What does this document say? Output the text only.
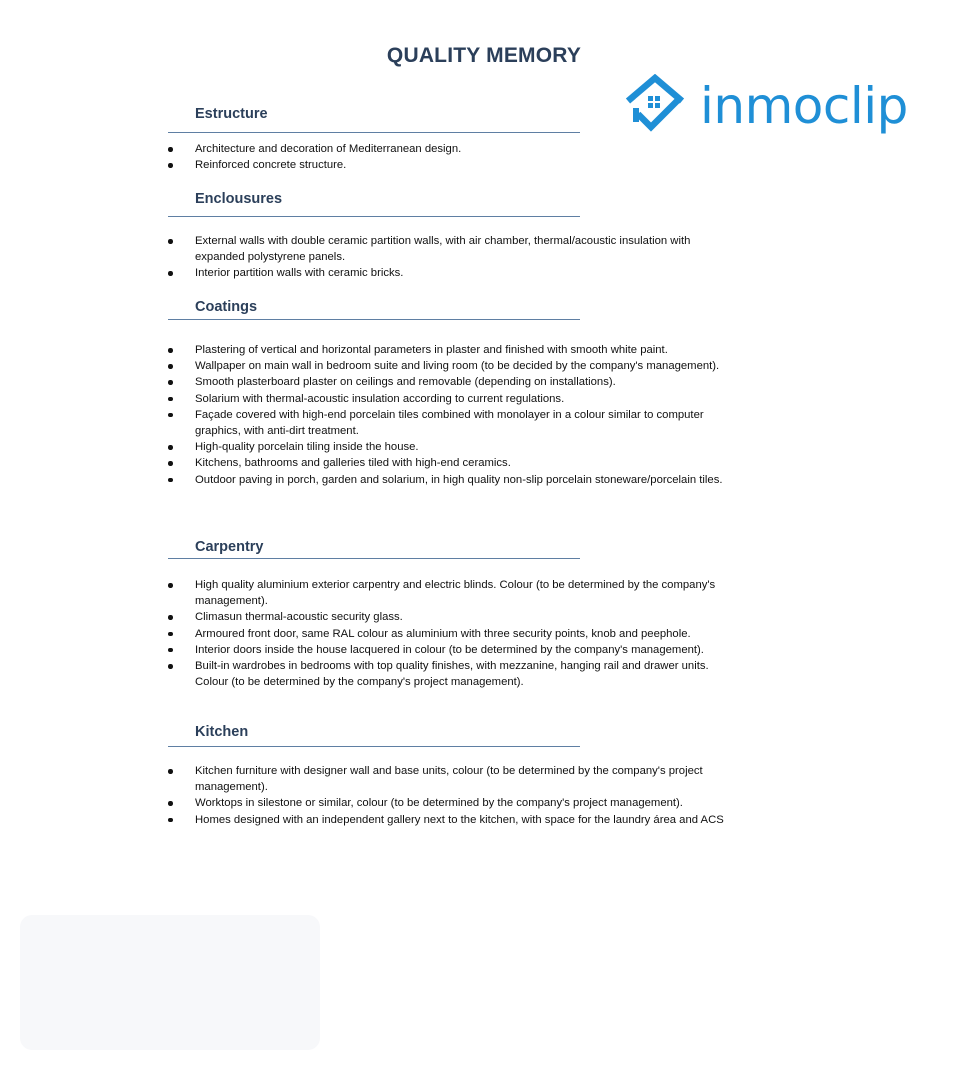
QUALITY MEMORY
inmoclip
Estructure
Architecture and decoration of Mediterranean design.
Reinforced concrete structure.
Enclousures
External walls with double ceramic partition walls, with air chamber, thermal/acoustic insulation with expanded polystyrene panels.
Interior partition walls with ceramic bricks.
Coatings
Plastering of vertical and horizontal parameters in plaster and finished with smooth white paint.
Wallpaper on main wall in bedroom suite and living room (to be decided by the company's management).
Smooth plasterboard plaster on ceilings and removable (depending on installations).
Solarium with thermal-acoustic insulation according to current regulations.
Façade covered with high-end porcelain tiles combined with monolayer in a colour similar to computer graphics, with anti-dirt treatment.
High-quality porcelain tiling inside the house.
Kitchens, bathrooms and galleries tiled with high-end ceramics.
Outdoor paving in porch, garden and solarium, in high quality non-slip porcelain stoneware/porcelain tiles.
Carpentry
High quality aluminium exterior carpentry and electric blinds. Colour (to be determined by the company's management).
Climasun thermal-acoustic security glass.
Armoured front door, same RAL colour as aluminium with three security points, knob and peephole.
Interior doors inside the house lacquered in colour (to be determined by the company's management).
Built-in wardrobes in bedrooms with top quality finishes, with mezzanine, hanging rail and drawer units. Colour (to be determined by the company's project management).
Kitchen
Kitchen furniture with designer wall and base units, colour (to be determined by the company's project management).
Worktops in silestone or similar, colour (to be determined by the company's project management).
Homes designed with an independent gallery next to the kitchen, with space for the laundry área and ACS
